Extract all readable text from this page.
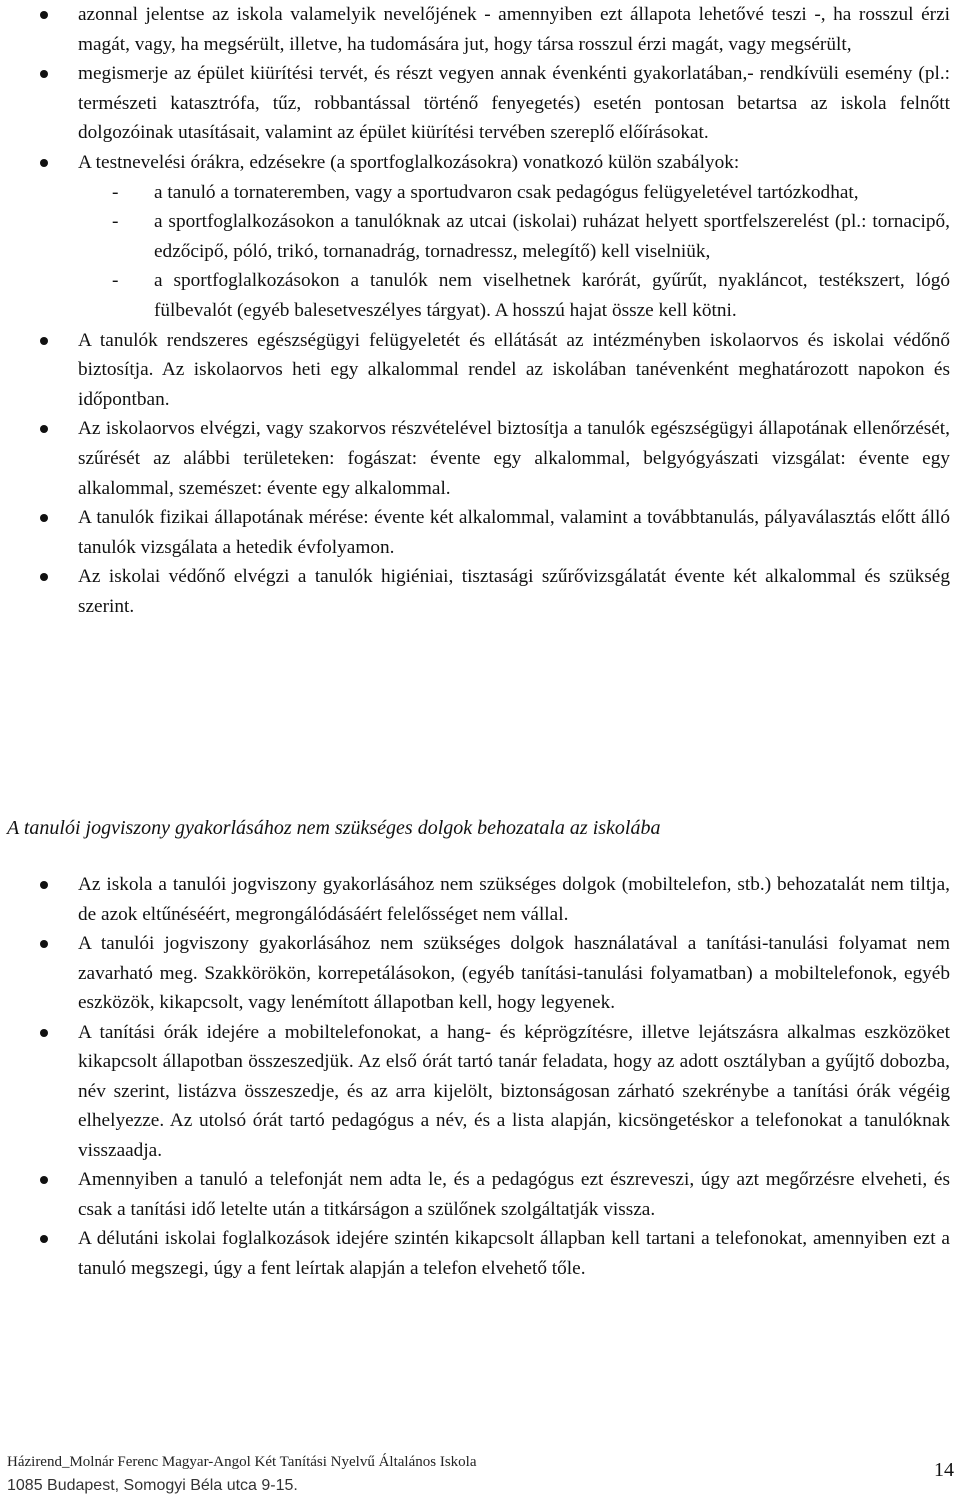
azonnal jelentse az iskola valamelyik nevelőjének - amennyiben ezt állapota lehetővé teszi -, ha rosszul érzi magát, vagy, ha megsérült, illetve, ha tudomására jut, hogy társa rosszul érzi magát, vagy megsérült,
megismerje az épület kiürítési tervét, és részt vegyen annak évenkénti gyakorlatában,- rendkívüli esemény (pl.: természeti katasztrófa, tűz, robbantással történő fenyegetés) esetén pontosan betartsa az iskola felnőtt dolgozóinak utasításait, valamint az épület kiürítési tervében szereplő előírásokat.
A testnevelési órákra, edzésekre (a sportfoglalkozásokra) vonatkozó külön szabályok:
- a tanuló a tornateremben, vagy a sportudvaron csak pedagógus felügyeletével tartózkodhat,
- a sportfoglalkozásokon a tanulóknak az utcai (iskolai) ruházat helyett sportfelszerelést (pl.: tornacipő, edzőcipő, póló, trikó, tornanadrág, tornadressz, melegítő) kell viselniük,
- a sportfoglalkozásokon a tanulók nem viselhetnek karórát, gyűrűt, nyakláncot, testékszert, lógó fülbevalót (egyéb balesetveszélyes tárgyat). A hosszú hajat össze kell kötni.
A tanulók rendszeres egészségügyi felügyeletét és ellátását az intézményben iskolaorvos és iskolai védőnő biztosítja. Az iskolaorvos heti egy alkalommal rendel az iskolában tanévenként meghatározott napokon és időpontban.
Az iskolaorvos elvégzi, vagy szakorvos részvételével biztosítja a tanulók egészségügyi állapotának ellenőrzését, szűrését az alábbi területeken: fogászat: évente egy alkalommal, belgyógyászati vizsgálat: évente egy alkalommal, szemészet: évente egy alkalommal.
A tanulók fizikai állapotának mérése: évente két alkalommal, valamint a továbbtanulás, pályaválasztás előtt álló tanulók vizsgálata a hetedik évfolyamon.
Az iskolai védőnő elvégzi a tanulók higiéniai, tisztasági szűrővizsgálatát évente két alkalommal és szükség szerint.
A tanulói jogviszony gyakorlásához nem szükséges dolgok behozatala az iskolába
Az iskola a tanulói jogviszony gyakorlásához nem szükséges dolgok (mobiltelefon, stb.) behozatalát nem tiltja, de azok eltűnéséért, megrongálódásáért felelősséget nem vállal.
A tanulói jogviszony gyakorlásához nem szükséges dolgok használatával a tanítási-tanulási folyamat nem zavarható meg. Szakkörökön, korrepetálásokon, (egyéb tanítási-tanulási folyamatban) a mobiltelefonok, egyéb eszközök, kikapcsolt, vagy lenémított állapotban kell, hogy legyenek.
A tanítási órák idejére a mobiltelefonokat, a hang- és képrögzítésre, illetve lejátszásra alkalmas eszközöket kikapcsolt állapotban összeszedjük. Az első órát tartó tanár feladata, hogy az adott osztályban a gyűjtő dobozba, név szerint, listázva összeszedje, és az arra kijelölt, biztonságosan zárható szekrénybe a tanítási órák végéig elhelyezze. Az utolsó órát tartó pedagógus a név, és a lista alapján, kicsöngetéskor a telefonokat a tanulóknak visszaadja.
Amennyiben a tanuló a telefonját nem adta le, és a pedagógus ezt észreveszi, úgy azt megőrzésre elveheti, és csak a tanítási idő letelte után a titkárságon a szülőnek szolgáltatják vissza.
A délutáni iskolai foglalkozások idejére szintén kikapcsolt állapban kell tartani a telefonokat, amennyiben ezt a tanuló megszegi, úgy a fent leírtak alapján a telefon elvehető tőle.
Házirend_Molnár Ferenc Magyar-Angol Két Tanítási Nyelvű Általános Iskola
1085 Budapest, Somogyi Béla utca 9-15.
14
